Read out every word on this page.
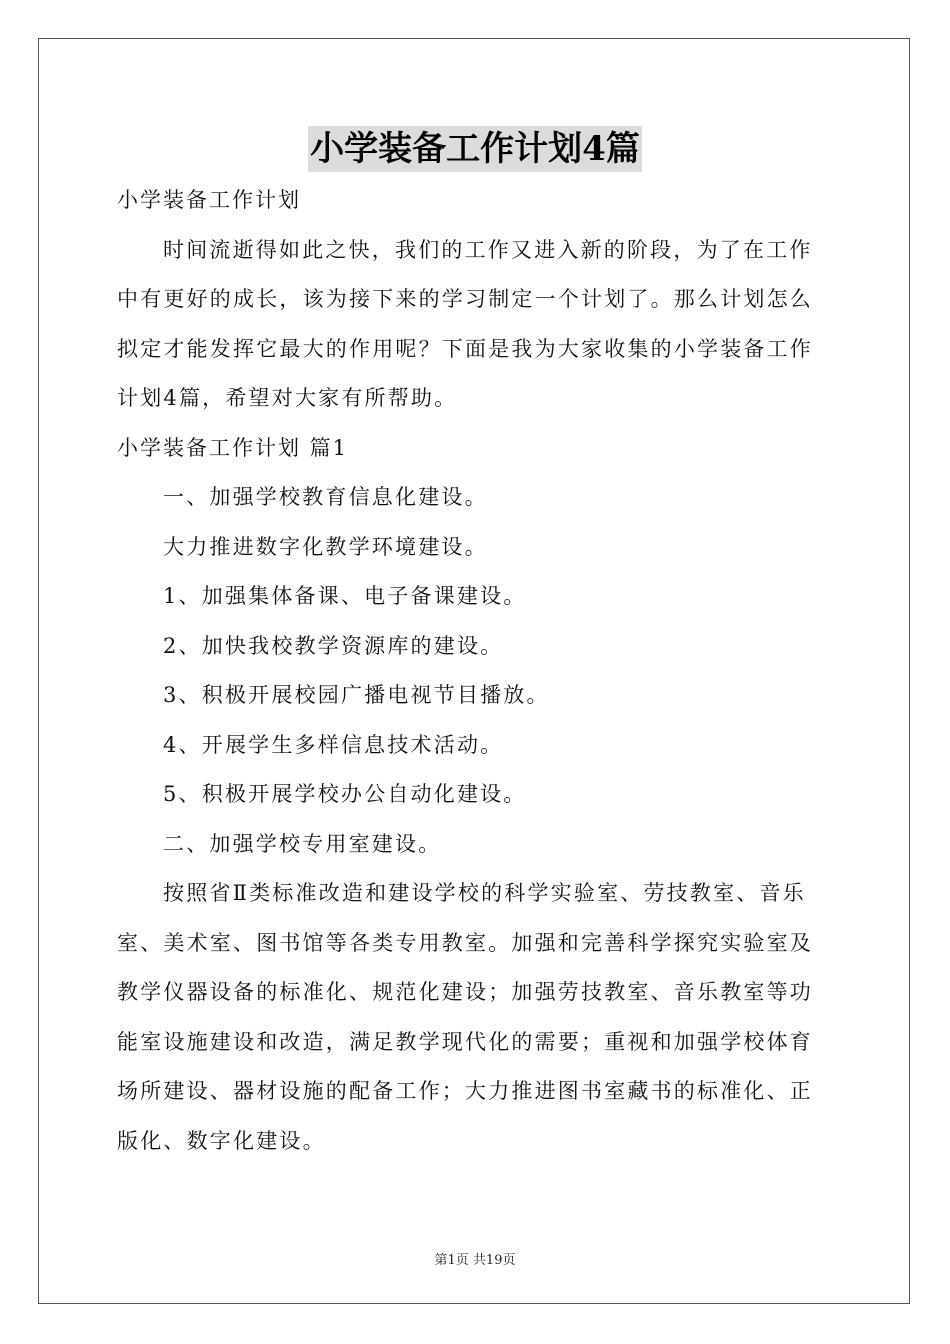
小学装备工作计划4篇
小学装备工作计划
时间流逝得如此之快，我们的工作又进入新的阶段，为了在工作
中有更好的成长，该为接下来的学习制定一个计划了。那么计划怎么
拟定才能发挥它最大的作用呢？下面是我为大家收集的小学装备工作
计划4篇，希望对大家有所帮助。
小学装备工作计划 篇1
一、加强学校教育信息化建设。
大力推进数字化教学环境建设。
1、加强集体备课、电子备课建设。
2、加快我校教学资源库的建设。
3、积极开展校园广播电视节目播放。
4、开展学生多样信息技术活动。
5、积极开展学校办公自动化建设。
二、加强学校专用室建设。
按照省Ⅱ类标准改造和建设学校的科学实验室、劳技教室、音乐
室、美术室、图书馆等各类专用教室。加强和完善科学探究实验室及
教学仪器设备的标准化、规范化建设；加强劳技教室、音乐教室等功
能室设施建设和改造，满足教学现代化的需要；重视和加强学校体育
场所建设、器材设施的配备工作；大力推进图书室藏书的标准化、正
版化、数字化建设。
第1页 共19页
